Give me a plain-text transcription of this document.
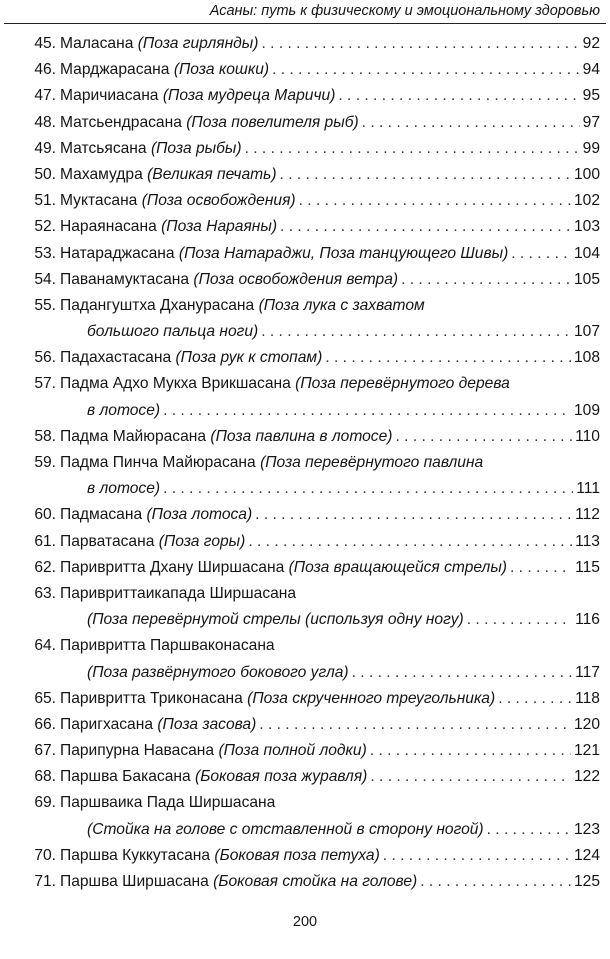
Асаны: путь к физическому и эмоциональному здоровью
45. Маласана
(Поза гирлянды) . . .	92
46. Марджарасана
(Поза кошки) . . .	94
47. Маричиасана
(Поза мудреца Маричи) . . .	95
48. Матсьендрасана
(Поза повелителя рыб) . . .	97
49. Матсьясана
(Поза рыбы) . . .	99
50. Махамудра
(Великая печать) . . .	100
51. Муктасана
(Поза освобождения) . . .	102
52. Нараянасана
(Поза Нараяны) . . .	103
53. Натараджасана
(Поза Натараджи, Поза танцующего Шивы) . . .	104
54. Паванамуктасана
(Поза освобождения ветра) . . .	105
55. Падангуштха Дханурасана
(Поза лука с захватом
большого пальца ноги) . . .	107
56. Падахастасана
(Поза рук к стопам) . . .	108
57. Падма Адхо Мукха Врикшасана
(Поза перевёрнутого дерева
в лотосе) . . .	109
58. Падма Майюрасана
(Поза павлина в лотосе) . . .	110
59. Падма Пинча Майюрасана
(Поза перевёрнутого павлина
в лотосе) . . .	111
60. Падмасана
(Поза лотоса) . . .	112
61. Парватасана
(Поза горы) . . .	113
62. Паривритта Дхану Ширшасана
(Поза вращающейся стрелы) . . .	115
63. Паривриттаикапада Ширшасана
(Поза перевёрнутой стрелы (используя одну ногу) . . .	116
64. Паривритта Паршваконасана
(Поза развёрнутого бокового угла) . . .	117
65. Паривритта Триконасана
(Поза скрученного треугольника) . . .	118
66. Паригхасана
(Поза засова) . . .	120
67. Парипурна Навасана
(Поза полной лодки) . . .	121
68. Паршва Бакасана
(Боковая поза журавля) . . .	122
69. Паршваика Пада Ширшасана
(Стойка на голове с отставленной в сторону ногой) . . .	123
70. Паршва Куккутасана
(Боковая поза петуха) . . .	124
71. Паршва Ширшасана
(Боковая стойка на голове) . . .	125
200
